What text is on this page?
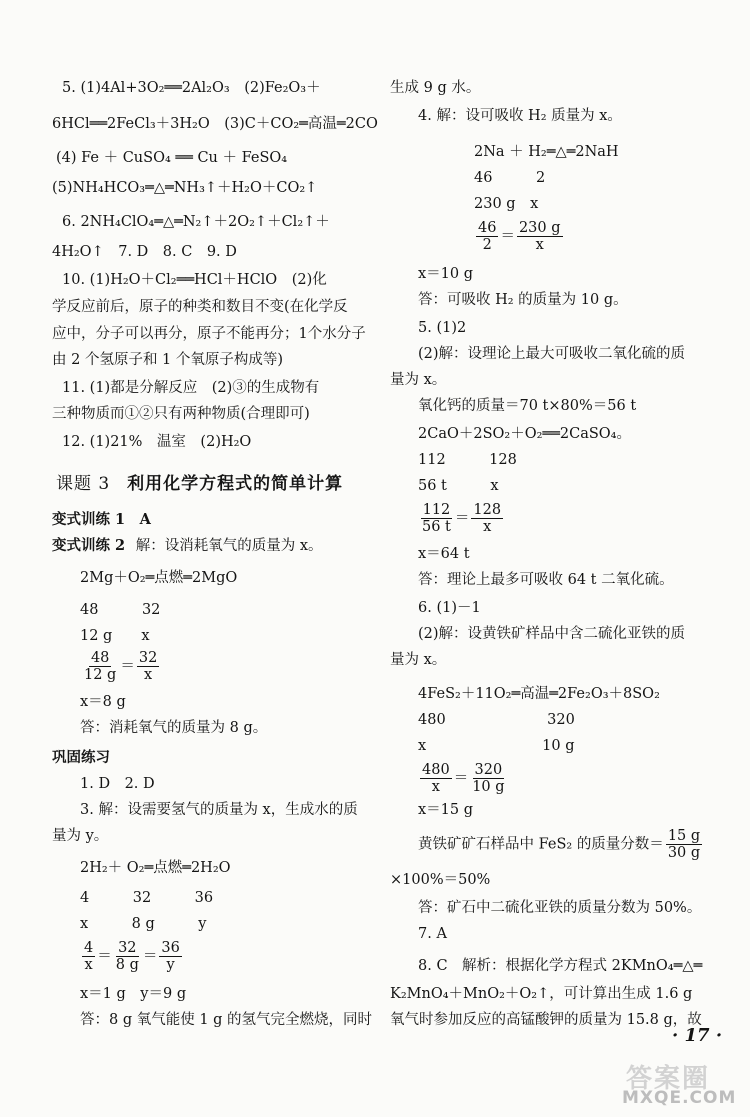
5. (1)4Al+3O₂══2Al₂O₃　(2)Fe₂O₃＋
6HCl══2FeCl₃＋3H₂O　(3)C＋CO₂═高温═2CO
(4) Fe ＋ CuSO₄ ══ Cu ＋ FeSO₄
(5)NH₄HCO₃═△═NH₃↑＋H₂O＋CO₂↑
6. 2NH₄ClO₄═△═N₂↑＋2O₂↑＋Cl₂↑＋
4H₂O↑　7. D　8. C　9. D
10. (1)H₂O＋Cl₂══HCl＋HClO　(2)化
学反应前后，原子的种类和数目不变(在化学反
应中，分子可以再分，原子不能再分；1个水分子
由 2 个氢原子和 1 个氧原子构成等)
11. (1)都是分解反应　(2)③的生成物有
三种物质而①②只有两种物质(合理即可)
12. (1)21%　温室　(2)H₂O
课题 3 利用化学方程式的简单计算
变式训练 1　A
变式训练 2 解：设消耗氧气的质量为 x。
2Mg＋O₂═点燃═2MgO
48　　　32
12 g　　x
$\frac{48}{12 g} = \frac{32}{x}$
x＝8 g
答：消耗氧气的质量为 8 g。
巩固练习
1. D　2. D
3. 解：设需要氢气的质量为 x，生成水的质
量为 y。
2H₂＋ O₂═点燃═2H₂O
4　　　32　　　36
x　　　8 g　　　y
$\frac{4}{x} = \frac{32}{8 g} = \frac{36}{y}$
x＝1 g　y＝9 g
答：8 g 氧气能使 1 g 的氢气完全燃烧，同时
生成 9 g 水。
4. 解：设可吸收 H₂ 质量为 x。
2Na ＋ H₂═△═2NaH
46　　　2
230 g　x
$\frac{46}{2} = \frac{230 g}{x}$
x＝10 g
答：可吸收 H₂ 的质量为 10 g。
5. (1)2
(2)解：设理论上最大可吸收二氧化硫的质
量为 x。
氧化钙的质量＝70 t×80%＝56 t
2CaO＋2SO₂＋O₂══2CaSO₄。
112　　　128
56 t　　　x
$\frac{112}{56 t} = \frac{128}{x}$
x＝64 t
答：理论上最多可吸收 64 t 二氧化硫。
6. (1)－1
(2)解：设黄铁矿样品中含二硫化亚铁的质
量为 x。
4FeS₂＋11O₂═高温═2Fe₂O₃＋8SO₂
480　　　　　　　320
x　　　　　　　　10 g
$\frac{480}{x} = \frac{320}{10 g}$
x＝15 g
黄铁矿矿石样品中 FeS₂ 的质量分数＝ $\frac{15 g}{30 g}$
×100%＝50%
答：矿石中二硫化亚铁的质量分数为 50%。
7. A
8. C　解析：根据化学方程式 2KMnO₄═△═
K₂MnO₄＋MnO₂＋O₂↑，可计算出生成 1.6 g
氧气时参加反应的高锰酸钾的质量为 15.8 g，故
· 17 ·
答案圈
MXQE.COM
